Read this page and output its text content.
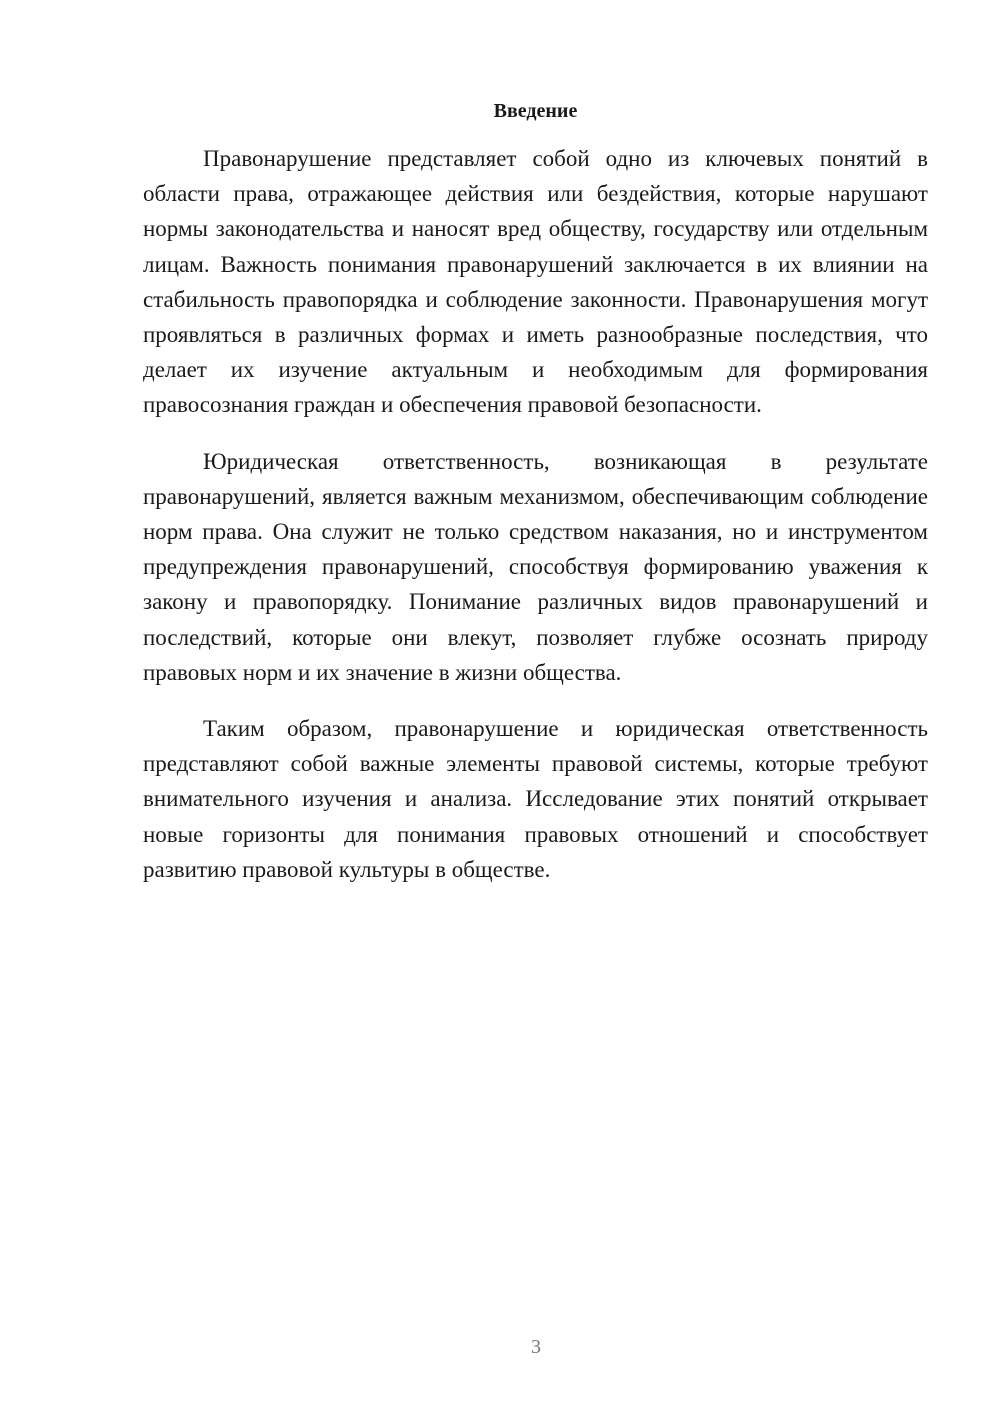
Введение

Правонарушение представляет собой одно из ключевых понятий в области права, отражающее действия или бездействия, которые нарушают нормы законодательства и наносят вред обществу, государству или отдельным лицам. Важность понимания правонарушений заключается в их влиянии на стабильность правопорядка и соблюдение законности. Правонарушения могут проявляться в различных формах и иметь разнообразные последствия, что делает их изучение актуальным и необходимым для формирования правосознания граждан и обеспечения правовой безопасности.

Юридическая ответственность, возникающая в результате правонарушений, является важным механизмом, обеспечивающим соблюдение норм права. Она служит не только средством наказания, но и инструментом предупреждения правонарушений, способствуя формированию уважения к закону и правопорядку. Понимание различных видов правонарушений и последствий, которые они влекут, позволяет глубже осознать природу правовых норм и их значение в жизни общества.

Таким образом, правонарушение и юридическая ответственность представляют собой важные элементы правовой системы, которые требуют внимательного изучения и анализа. Исследование этих понятий открывает новые горизонты для понимания правовых отношений и способствует развитию правовой культуры в обществе.

3
